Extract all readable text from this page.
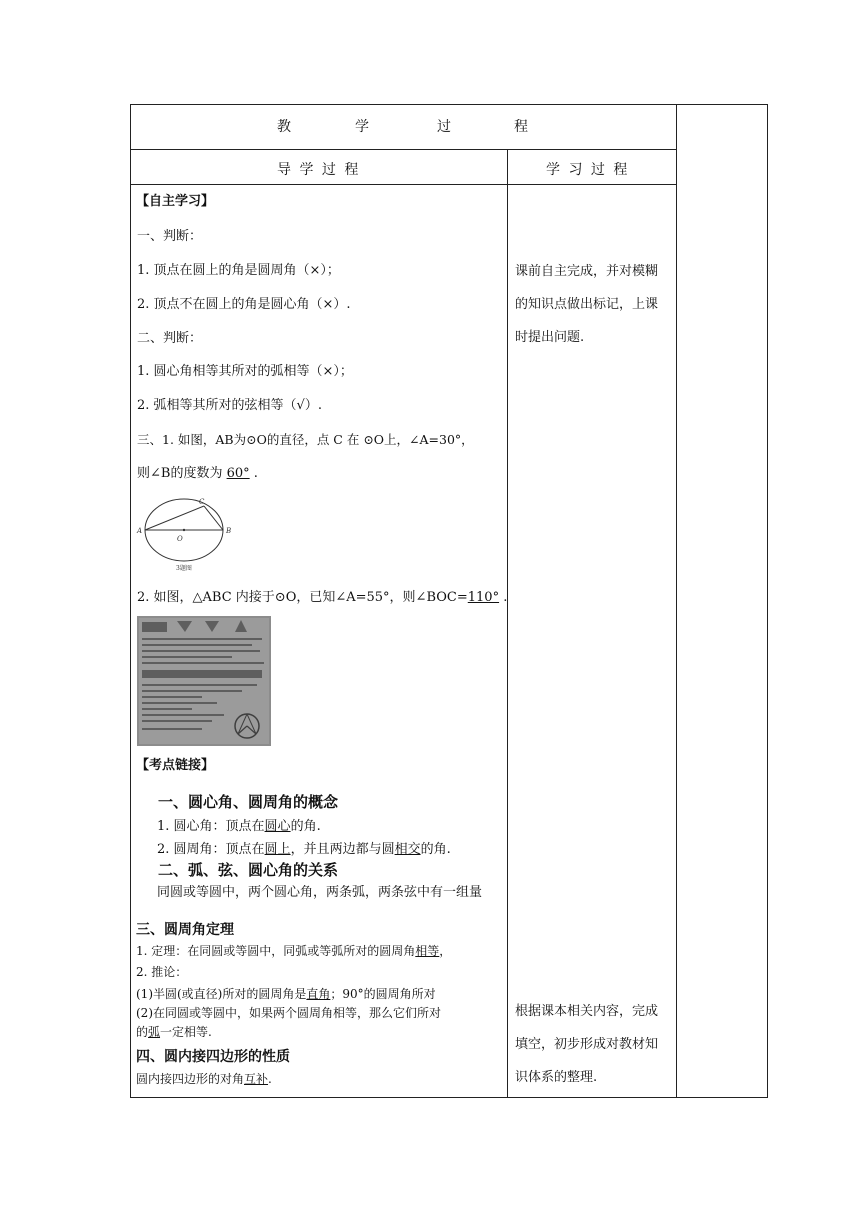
教	学	过	程
导 学 过 程	学 习 过 程
【自主学习】
一、判断：
1. 顶点在圆上的角是圆周角（×）；
2. 顶点不在圆上的角是圆心角（×）.
二、判断：
1. 圆心角相等其所对的弧相等（×）；
2. 弧相等其所对的弦相等（√）.
三、1. 如图，AB为⊙O的直径，点 C 在 ⊙O上，∠A=30°，
则∠B的度数为 60° .
A	B
C
O
3题图
2. 如图，△ABC 内接于⊙O，已知∠A=55°，则∠BOC=110° .
【考点链接】
一、圆心角、圆周角的概念
1. 圆心角：顶点在圆心的角.
2. 圆周角：顶点在圆上，并且两边都与圆相交的角.
二、弧、弦、圆心角的关系
同圆或等圆中，两个圆心角，两条弧，两条弦中有一组量
三、圆周角定理
1. 定理：在同圆或等圆中，同弧或等弧所对的圆周角相等，
2. 推论：
(1)半圆(或直径)所对的圆周角是直角；90°的圆周角所对
(2)在同圆或等圆中，如果两个圆周角相等，那么它们所对
的弧一定相等.
四、圆内接四边形的性质
圆内接四边形的对角互补.
课前自主完成，并对模糊的知识点做出标记，上课时提出问题.
根据课本相关内容，完成填空，初步形成对教材知识体系的整理.
